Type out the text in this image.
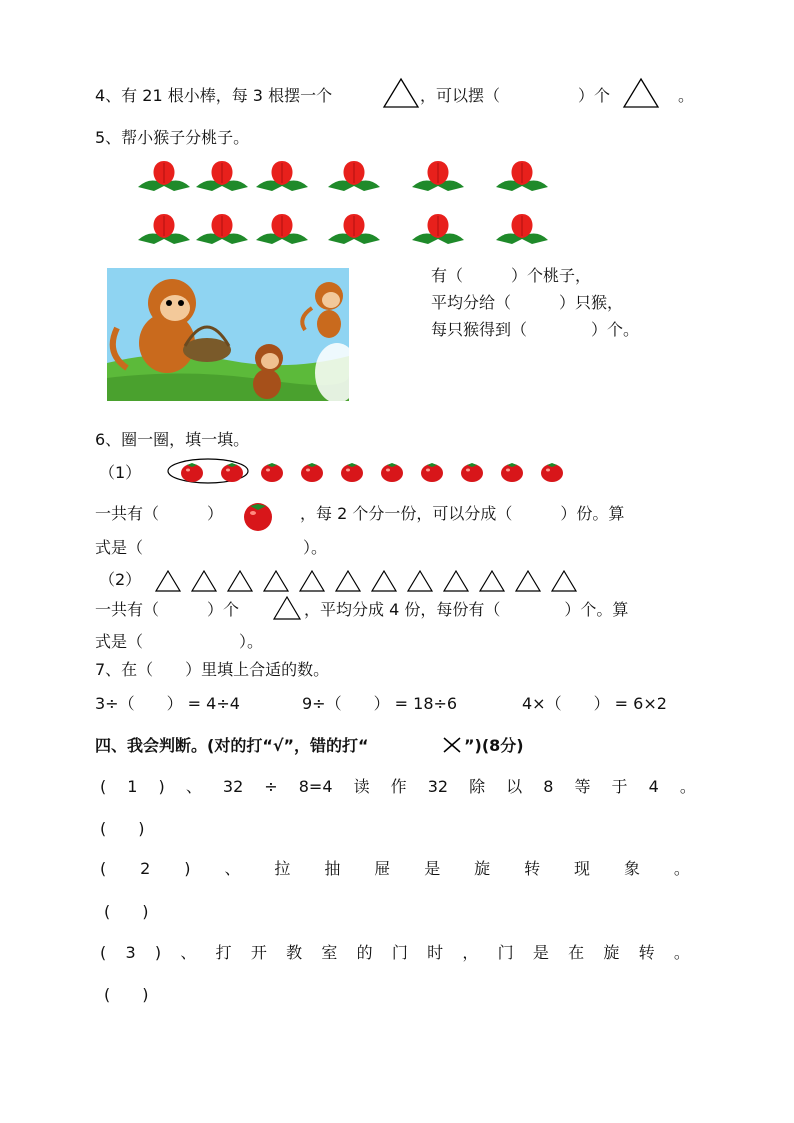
4、有 21 根小棒，每 3 根摆一个	，可以摆（	）个	。
5、帮小猴子分桃子。
有（　　　）个桃子，
平均分给（　　　）只猴，
每只猴得到（　　　　）个。
6、圈一圈，填一填。
（1）
一共有（　　　）	，每 2 个分一份，可以分成（　　　）份。算
式是（　　　　　　　　　　）。
（2）
一共有（　　　）个	，平均分成 4 份，每份有（　　　　）个。算
式是（　　　　　　）。
7、在（　　）里填上合适的数。
3÷（　　） = 4÷4	9÷（　　） = 18÷6	4×（　　） = 6×2
四、我会判断。(对的打“√”，错的打“	”)(8分)
( 1 ) 、 32 ÷ 8=4 读 作 32 除 以 8 等 于 4 。
(　　)
( 2 ) 、 拉 抽 屉 是 旋 转 现 象 。
(　　)
( 3 ) 、 打 开 教 室 的 门 时 ， 门 是 在 旋 转 。
(　　)
